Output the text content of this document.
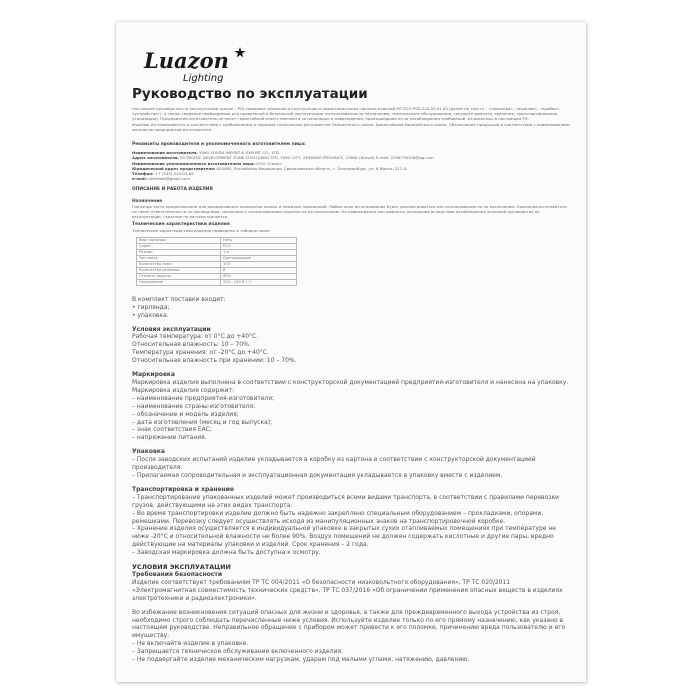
Luazon
Lighting
Руководство по эксплуатации

Настоящее руководство по эксплуатации (далее – РЭ) содержит сведения о конструкции и характеристиках гирлянд изделий МТ ECO PSD.220.03.01.03 (далее по тексту – «гирлянда», «изделие», «прибор», «устройство»), а также сведения необходимые для правильной и безопасной эксплуатации (использования по назначению, технического обслуживания, текущего ремонта, хранения, транспортирования, утилизации). Предприятие-изготовитель не несет гарантийной ответственности за неполадки и повреждения, произошедшие из-за несоблюдения требований, изложенных в настоящем РЭ.

Изделие изготавливается в соответствии с требованиями и нормами технических регламентов Таможенного союза. Директивами Европейского союза. Обозначение продукции в соответствии с наименованием каталогов предприятия-изготовителя.

Реквизиты производителя и уполномоченного изготовителем лица:

Наименование изготовителя: YIWU YOUDA IMPORT & EXPORT CO., LTD.

Адрес изготовителя: ECONOMIC DEVELOPMENT ZONE CHOU JIANG STR, YIWU CITY, ZHEJIANG PROVINCE, CHINA (Китай) E-mail: 2356776150@qq.com

Наименование уполномоченного изготовителем лица: ООО «Сима»

Юридический адрес представителя: 620085, Российская Федерация, Свердловская область, г. Екатеринбург, ул. 8 Марта, 212-4.

Телефон: +7 (343) 319-03-85

e-mail: philtrade@gmail.com

ОПИСАНИЕ И РАБОТА ИЗДЕЛИЯ

Назначение

Гирлянда часть предназначена для декоративного освещения жилых и нежилых помещений. Любое иное использование будет рассматриваться как использование не по назначению. Компания-изготовитель не несет ответственности за последствия, связанные с использованием изделия не по назначению. На повреждения или дефекты, возникшие вследствие несоблюдения указаний руководства по эксплуатации, гарантия не распространяется.

Технические характеристики изделия

Технические характеристики изделия приведены в таблице ниже.

Вид гирлянды	Нить
Серия	ECO
Размер	1 м
Тип света	Светодиодные
Количество ламп	100
Количество режимов	8
Степень защиты	IP20
Напряжение	220 – 240 В (~)

В комплект поставки входит:

• гирлянда;

• упаковка.

Условия эксплуатации

Рабочая температура: от 0°С до +40°С.

Относительная влажность: 10 – 70%.

Температура хранения: от -20°С до +40°С.

Относительная влажность при хранении: 10 – 70%.

Маркировка

Маркировка изделия выполнена в соответствии с конструкторской документацией предприятия-изготовителя и нанесена на упаковку.

Маркировка изделия содержит:

– наименование предприятия-изготовителя;

– наименование страны-изготовителя;

– обозначение и модель изделия;

– дата изготовления (месяц и год выпуска);

– знак соответствия EAC;

– напряжение питания.

Упаковка

– После заводских испытаний изделие укладывается в коробку из картона в соответствии с конструкторской документацией производителя.

– Прилагаемая сопроводительная и эксплуатационная документация укладывается в упаковку вместе с изделием.

Транспортировка и хранение

– Транспортирование упакованных изделий может производиться всеми видами транспорта, в соответствии с правилами перевозки грузов, действующими на этих видах транспорта.

– Во время транспортировки изделие должно быть надежно закреплено специальным оборудованием – прокладками, опорами, ремешками. Перевозку следует осуществлять исходя из манипуляционных знаков на транспортировочной коробке.

– Хранение изделия осуществляется в индивидуальной упаковке в закрытых сухих отапливаемых помещениях при температуре не ниже -20°С и относительной влажности не более 90%. Воздух помещений не должен содержать кислотные и другие пары, вредно действующие на материалы упаковки и изделий. Срок хранения – 2 года.

– Заводская маркировка должна быть доступна к осмотру.

УСЛОВИЯ ЭКСПЛУАТАЦИИ

Требования безопасности

Изделие соответствует требованиям ТР ТС 004/2011 «О безопасности низковольтного оборудования», ТР ТС 020/2011 «Электромагнитная совместимость технических средств», ТР ТС 037/2016 «Об ограничении применения опасных веществ в изделиях электротехники и радиоэлектроники».

Во избежание возникновения ситуаций опасных для жизни и здоровья, а также для преждевременного выхода устройства из строя, необходимо строго соблюдать перечисленные ниже условия. Используйте изделие только по его прямому назначению, как указано в настоящем руководстве. Неправильное обращение с прибором может привести к его поломке, причинению вреда пользователю и его имуществу.

– Не включайте изделие в упаковке.

– Запрещается техническое обслуживание включенного изделия.

– Не подвергайте изделие механическим нагрузкам, ударам под малыми углами, натяжению, давлению.
